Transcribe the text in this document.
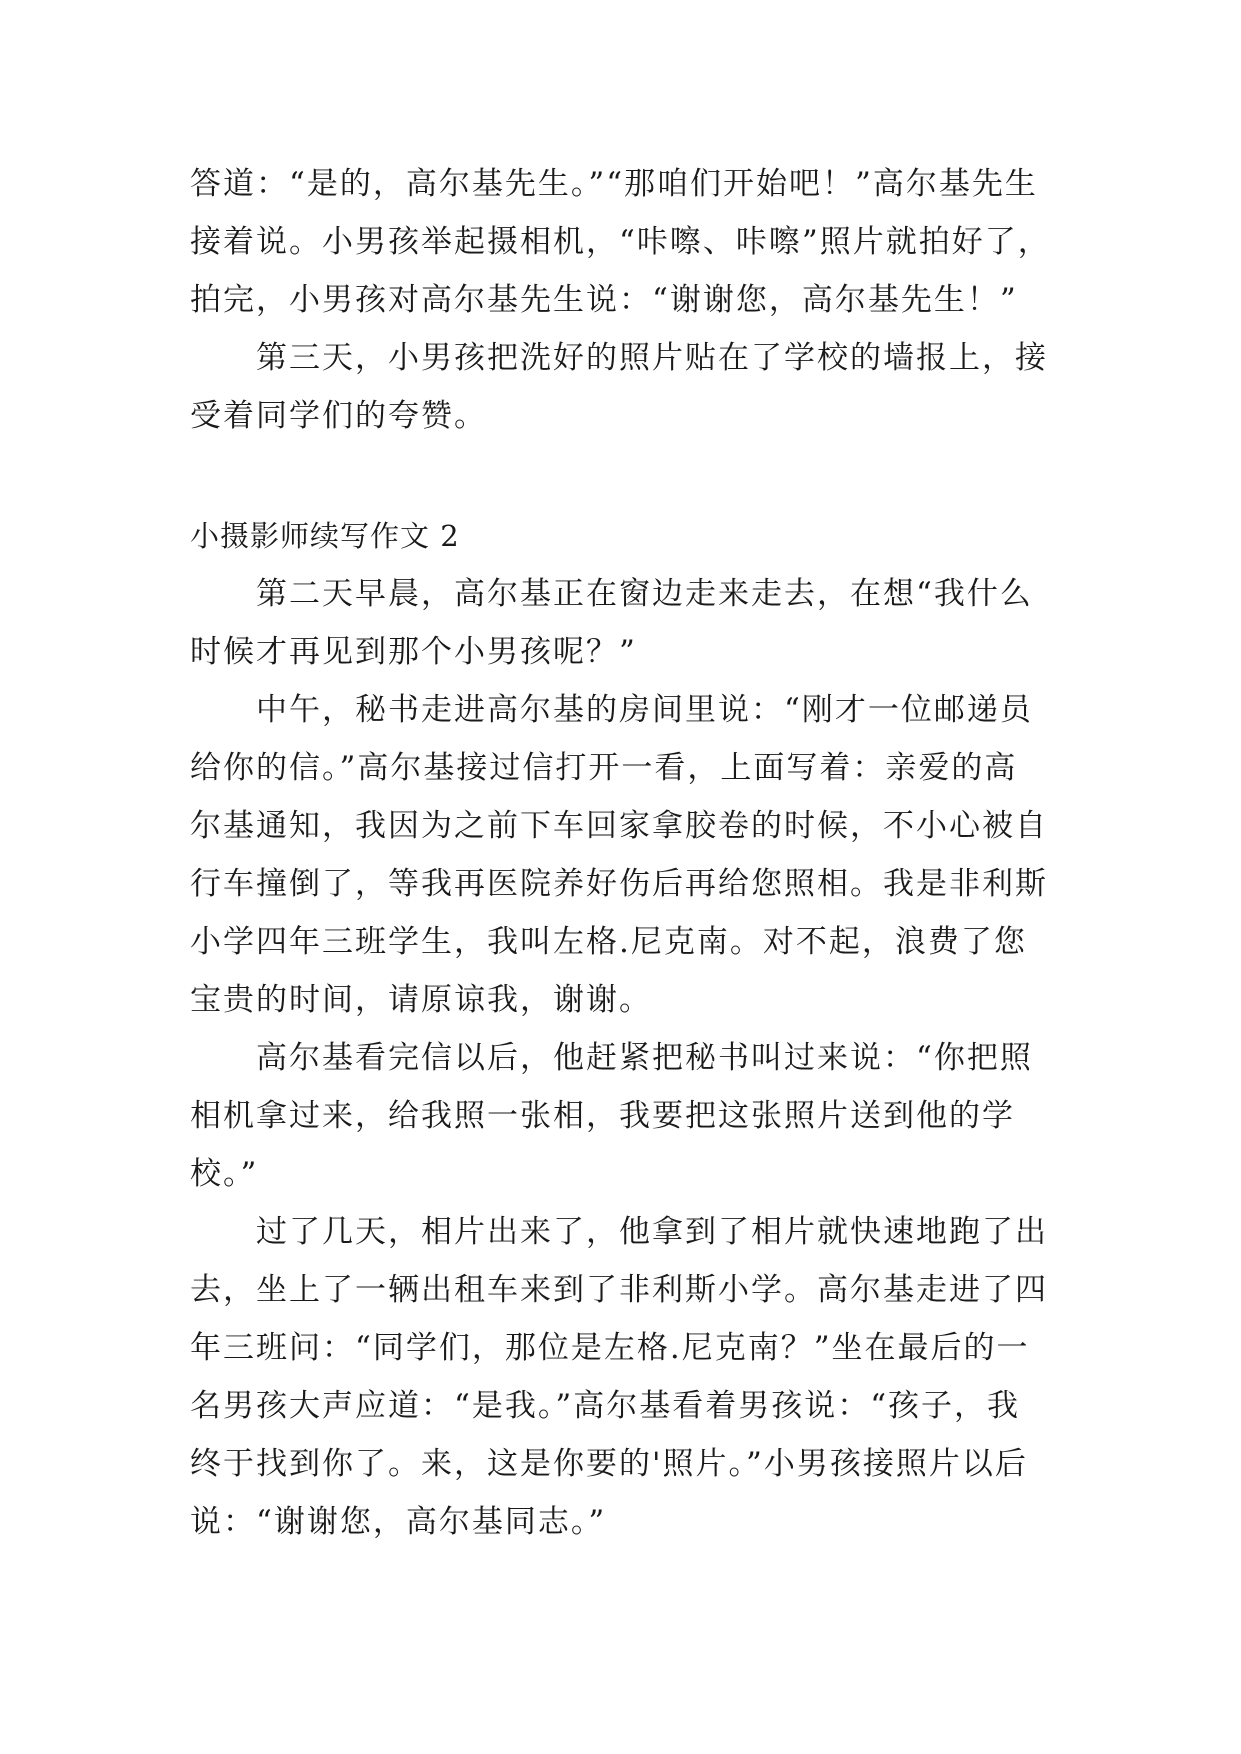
答道：“是的，高尔基先生。”“那咱们开始吧！”高尔基先生
接着说。小男孩举起摄相机，“咔嚓、咔嚓”照片就拍好了，
拍完，小男孩对高尔基先生说：“谢谢您，高尔基先生！”
第三天，小男孩把洗好的照片贴在了学校的墙报上，接
受着同学们的夸赞。
小摄影师续写作文 2
第二天早晨，高尔基正在窗边走来走去，在想“我什么
时候才再见到那个小男孩呢？”
中午，秘书走进高尔基的房间里说：“刚才一位邮递员
给你的信。”高尔基接过信打开一看，上面写着：亲爱的高
尔基通知，我因为之前下车回家拿胶卷的时候，不小心被自
行车撞倒了，等我再医院养好伤后再给您照相。我是非利斯
小学四年三班学生，我叫左格.尼克南。对不起，浪费了您
宝贵的时间，请原谅我，谢谢。
高尔基看完信以后，他赶紧把秘书叫过来说：“你把照
相机拿过来，给我照一张相，我要把这张照片送到他的学
校。”
过了几天，相片出来了，他拿到了相片就快速地跑了出
去，坐上了一辆出租车来到了非利斯小学。高尔基走进了四
年三班问：“同学们，那位是左格.尼克南？”坐在最后的一
名男孩大声应道：“是我。”高尔基看着男孩说：“孩子，我
终于找到你了。来，这是你要的'照片。”小男孩接照片以后
说：“谢谢您，高尔基同志。”
